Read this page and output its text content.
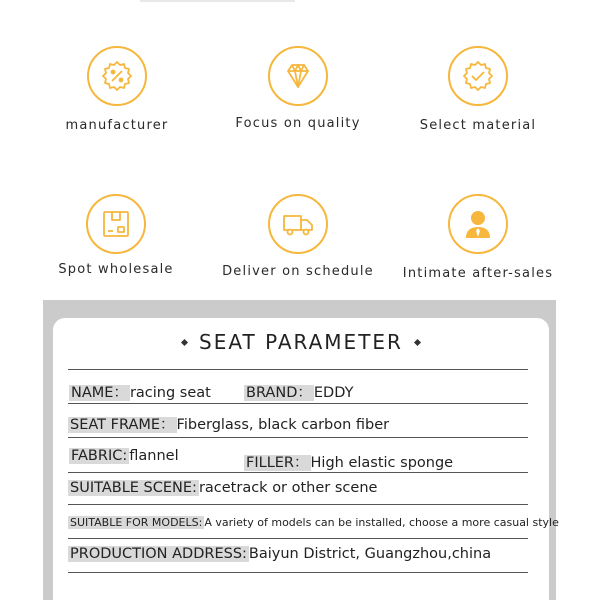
manufacturer	Focus on quality	Select material
Spot wholesale	Deliver on schedule	Intimate after-sales
SEAT PARAMETER
NAME： racing seat BRAND： EDDY
SEAT FRAME： Fiberglass, black carbon fiber
FABRIC: flannel	FILLER： High elastic sponge
SUITABLE SCENE: racetrack or other scene
SUITABLE FOR MODELS: A variety of models can be installed, choose a more casual style
PRODUCTION ADDRESS: Baiyun District, Guangzhou,china
